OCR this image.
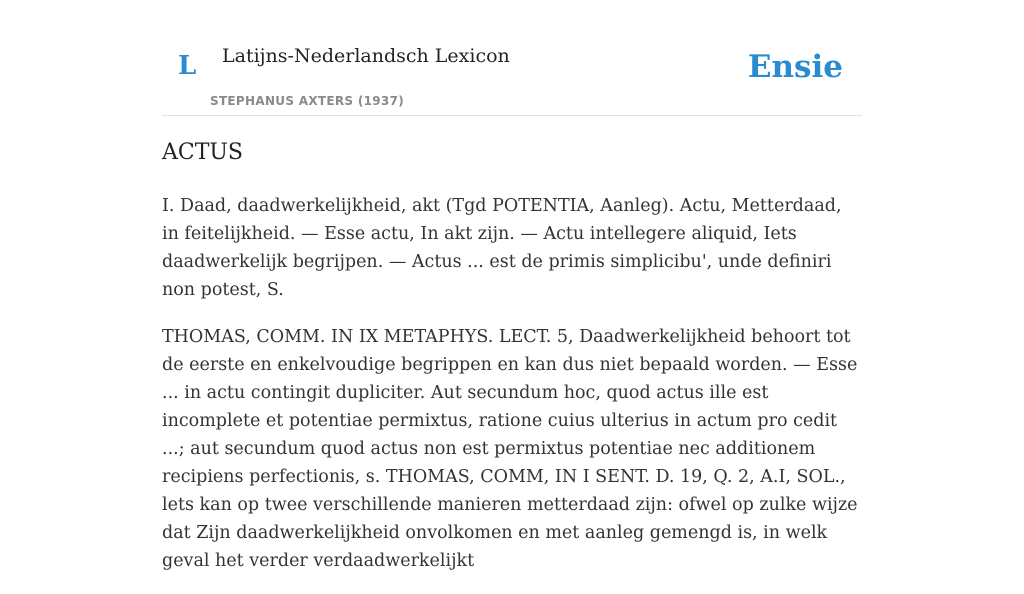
L Latijns-Nederlandsch Lexicon
STEPHANUS AXTERS (1937)
Ensie
ACTUS

I. Daad, daadwerkelijkheid, akt (Tgd POTENTIA, Aanleg). Actu, Metterdaad, in feitelijkheid. — Esse actu, In akt zijn. — Actu intellegere aliquid, Iets daadwerkelijk begrijpen. — Actus ... est de primis simplicibu', unde definiri non potest, S.

THOMAS, COMM. IN IX METAPHYS. LECT. 5, Daadwerkelijkheid behoort tot de eerste en enkelvoudige begrippen en kan dus niet bepaald worden. — Esse ... in actu contingit dupliciter. Aut secundum hoc, quod actus ille est incomplete et potentiae permixtus, ratione cuius ulterius in actum pro cedit ...; aut secundum quod actus non est permixtus potentiae nec additionem recipiens perfectionis, s. THOMAS, COMM, IN I SENT. D. 19, Q. 2, A.I, SOL., lets kan op twee verschillende manieren metterdaad zijn: ofwel op zulke wijze dat Zijn daadwerkelijkheid onvolkomen en met aanleg gemengd is, in welk geval het verder verdaadwerkelijkt
